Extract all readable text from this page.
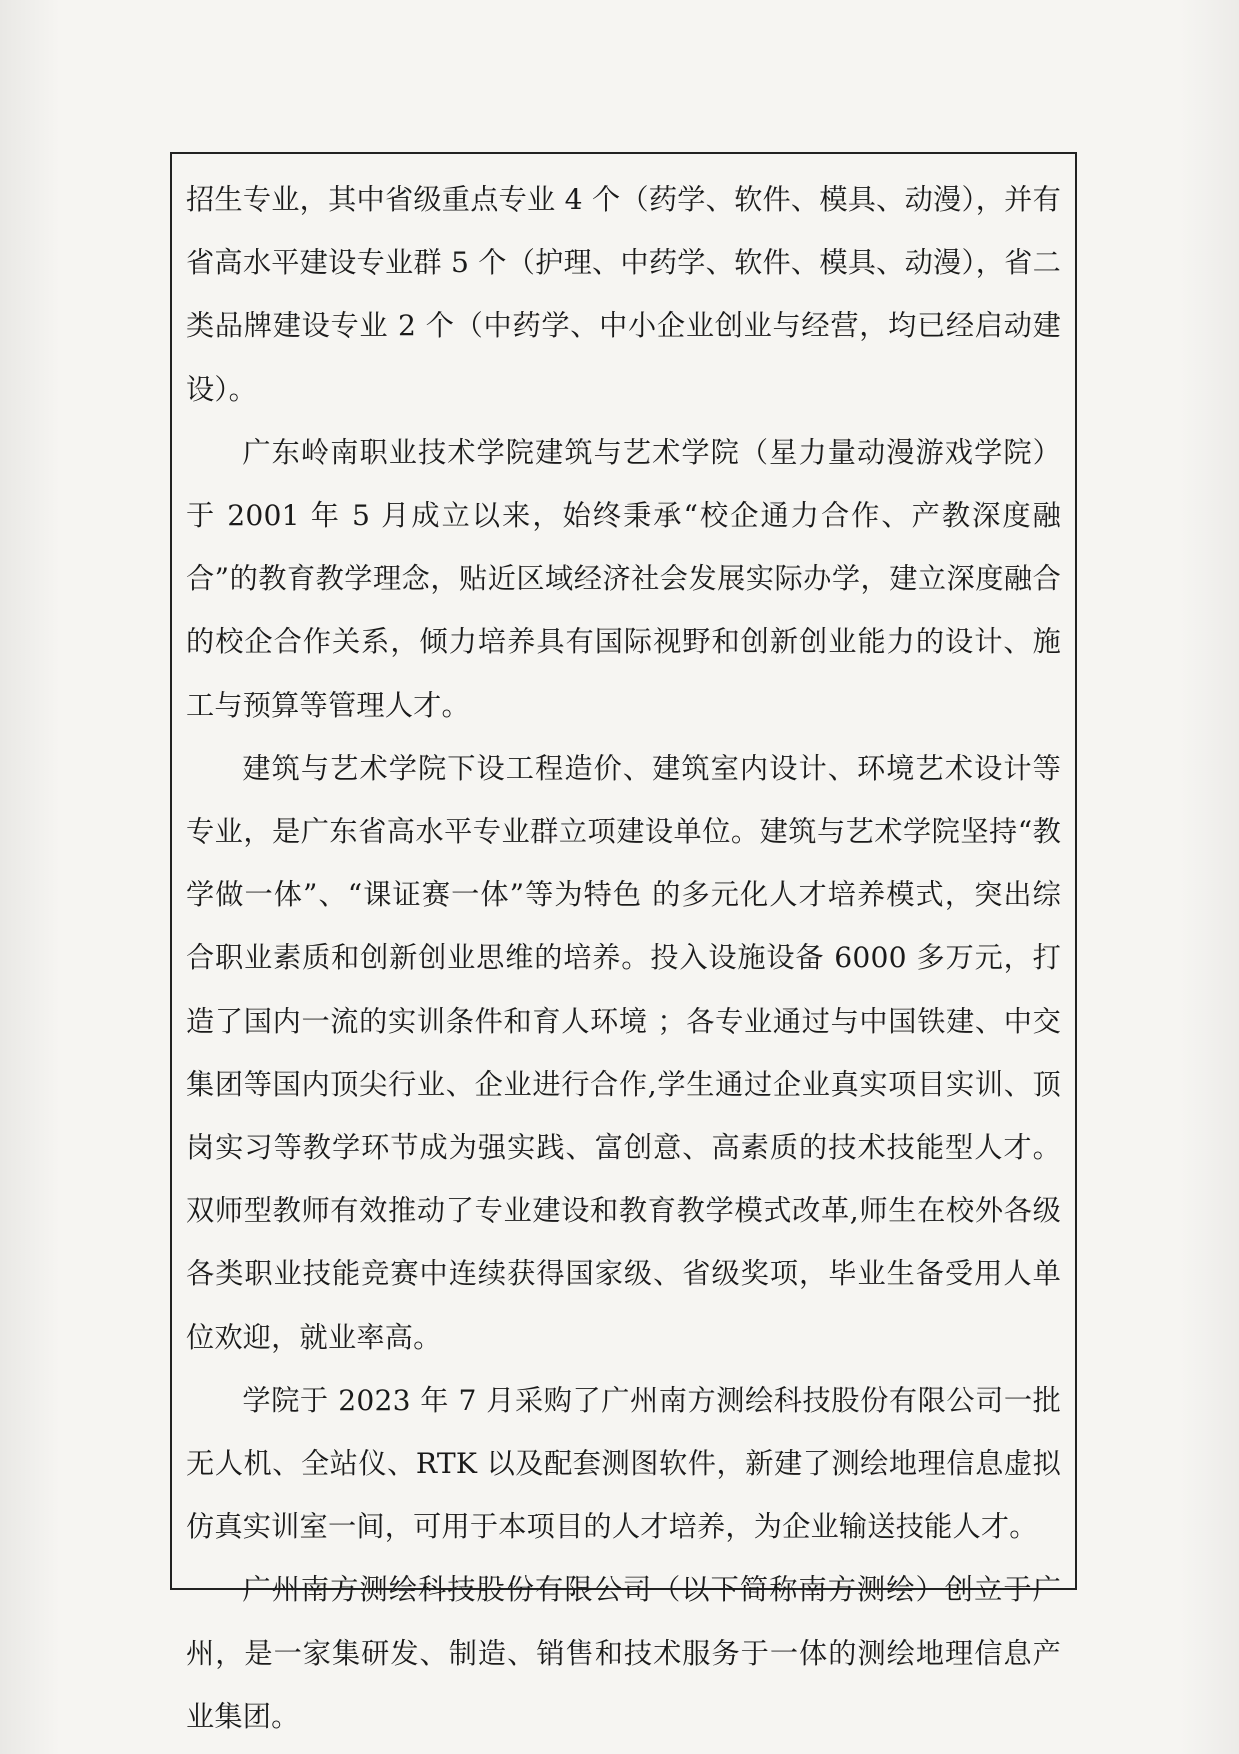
招生专业，其中省级重点专业 4 个（药学、软件、模具、动漫），并有省高水平建设专业群 5 个（护理、中药学、软件、模具、动漫），省二类品牌建设专业 2 个（中药学、中小企业创业与经营，均已经启动建设）。

广东岭南职业技术学院建筑与艺术学院（星力量动漫游戏学院）于 2001 年 5 月成立以来，始终秉承“校企通力合作、产教深度融合”的教育教学理念，贴近区域经济社会发展实际办学，建立深度融合的校企合作关系，倾力培养具有国际视野和创新创业能力的设计、施工与预算等管理人才。

建筑与艺术学院下设工程造价、建筑室内设计、环境艺术设计等专业，是广东省高水平专业群立项建设单位。建筑与艺术学院坚持“教学做一体”、“课证赛一体”等为特色 的多元化人才培养模式，突出综合职业素质和创新创业思维的培养。投入设施设备 6000 多万元，打造了国内一流的实训条件和育人环境 ；各专业通过与中国铁建、中交集团等国内顶尖行业、企业进行合作,学生通过企业真实项目实训、顶岗实习等教学环节成为强实践、富创意、高素质的技术技能型人才。双师型教师有效推动了专业建设和教育教学模式改革,师生在校外各级各类职业技能竞赛中连续获得国家级、省级奖项，毕业生备受用人单位欢迎，就业率高。

学院于 2023 年 7 月采购了广州南方测绘科技股份有限公司一批无人机、全站仪、RTK 以及配套测图软件，新建了测绘地理信息虚拟仿真实训室一间，可用于本项目的人才培养，为企业输送技能人才。

广州南方测绘科技股份有限公司（以下简称南方测绘）创立于广州，是一家集研发、制造、销售和技术服务于一体的测绘地理信息产业集团。
